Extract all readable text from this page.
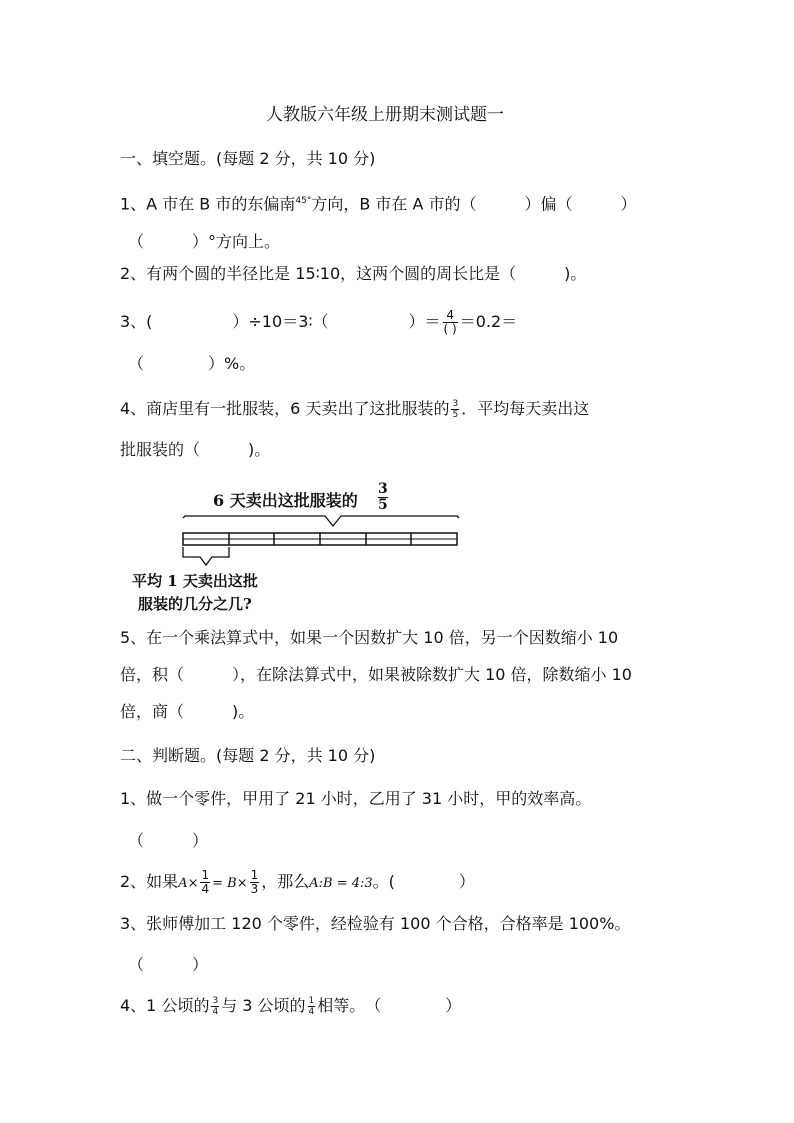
人教版六年级上册期末测试题一
一、填空题。(每题 2 分，共 10 分)
1、A 市在 B 市的东偏南$^{45^\circ}$方向，B 市在 A 市的（　　　）偏（　　　）
（　　　）°方向上。
2、有两个圆的半径比是 15∶10，这两个圆的周长比是（　　　)。
3、(　　　　　）÷10＝3∶（　　　　　）＝ $\frac{4}{( )} =0.2=$
（　　　　）%。
4、商店里有一批服装，6 天卖出了这批服装的 $\frac{3}{5}$ ．平均每天卖出这
批服装的（　　　)。
6 天卖出这批服装的 $\frac{3}{5}$
平均 1 天卖出这批
服装的几分之几?
5、在一个乘法算式中，如果一个因数扩大 10 倍，另一个因数缩小 10
倍，积（　　　），在除法算式中，如果被除数扩大 10 倍，除数缩小 10
倍，商（　　　)。
二、判断题。(每题 2 分，共 10 分)
1、做一个零件，甲用了 21 小时，乙用了 31 小时，甲的效率高。
（　　　）
2、如果$A\times \frac{1}{4} = B\times \frac{1}{3}$ ，那么A:B = 4:3。(　　　　）
3、张师傅加工 120 个零件，经检验有 100 个合格，合格率是 100%。
（　　　）
4、1 公顷的 $\frac{3}{4}$ 与 3 公顷的 $\frac{1}{4}$ 相等。　（　　　　）
